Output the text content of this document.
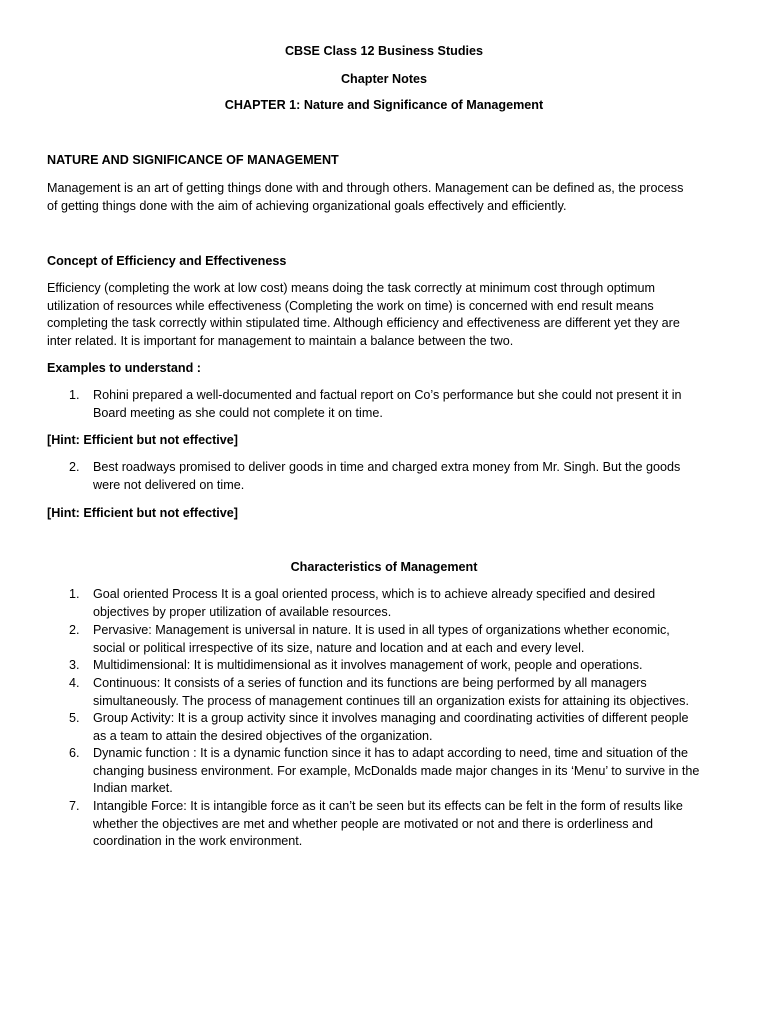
CBSE Class 12 Business Studies
Chapter Notes
CHAPTER 1: Nature and Significance of Management
NATURE AND SIGNIFICANCE OF MANAGEMENT
Management is an art of getting things done with and through others. Management can be defined as, the process
of getting things done with the aim of achieving organizational goals effectively and efficiently.
Concept of Efficiency and Effectiveness
Efficiency (completing the work at low cost) means doing the task correctly at minimum cost through optimum
utilization of resources while effectiveness (Completing the work on time) is concerned with end result means
completing the task correctly within stipulated time. Although efficiency and effectiveness are different yet they are
inter related. It is important for management to maintain a balance between the two.
Examples to understand :
1. Rohini prepared a well-documented and factual report on Co’s performance but she could not present it in
Board meeting as she could not complete it on time.
[Hint: Efficient but not effective]
2. Best roadways promised to deliver goods in time and charged extra money from Mr. Singh. But the goods
were not delivered on time.
[Hint: Efficient but not effective]
Characteristics of Management
1. Goal oriented Process It is a goal oriented process, which is to achieve already specified and desired
objectives by proper utilization of available resources.
2. Pervasive: Management is universal in nature. It is used in all types of organizations whether economic,
social or political irrespective of its size, nature and location and at each and every level.
3. Multidimensional: It is multidimensional as it involves management of work, people and operations.
4. Continuous: It consists of a series of function and its functions are being performed by all managers
simultaneously. The process of management continues till an organization exists for attaining its objectives.
5. Group Activity: It is a group activity since it involves managing and coordinating activities of different people
as a team to attain the desired objectives of the organization.
6. Dynamic function : It is a dynamic function since it has to adapt according to need, time and situation of the
changing business environment. For example, McDonalds made major changes in its ‘Menu’ to survive in the
Indian market.
7. Intangible Force: It is intangible force as it can’t be seen but its effects can be felt in the form of results like
whether the objectives are met and whether people are motivated or not and there is orderliness and
coordination in the work environment.
